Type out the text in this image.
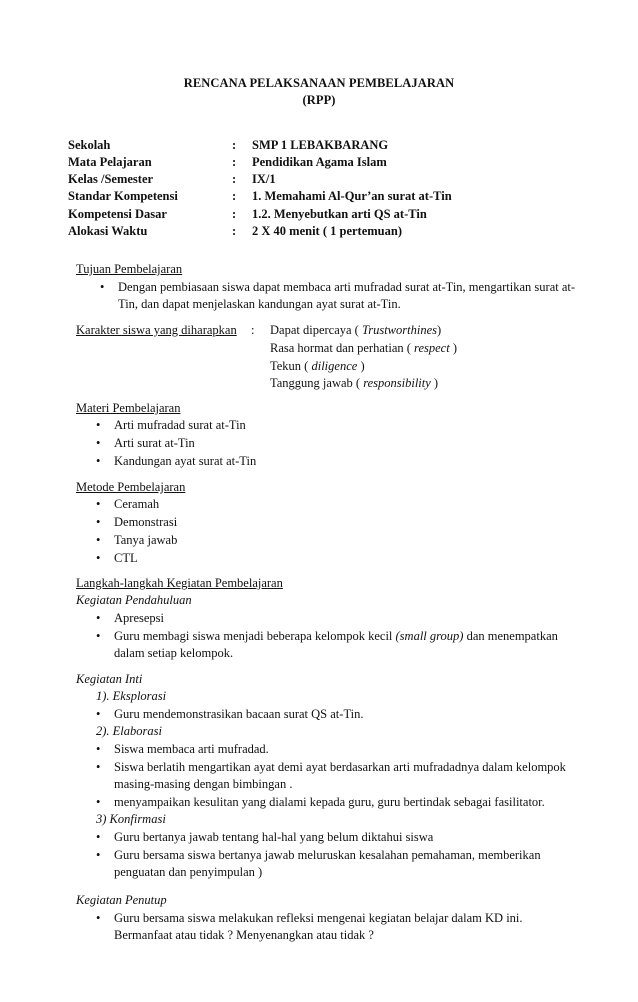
RENCANA PELAKSANAAN PEMBELAJARAN
(RPP)
Sekolah	: SMP 1 LEBAKBARANG
Mata Pelajaran	: Pendidikan Agama Islam
Kelas /Semester	: IX/1
Standar Kompetensi	: 1. Memahami Al-Qur’an surat at-Tin
Kompetensi Dasar	: 1.2. Menyebutkan arti QS at-Tin
Alokasi Waktu	: 2 X 40 menit ( 1 pertemuan)
Tujuan Pembelajaran
• Dengan pembiasaan siswa dapat membaca arti mufradad surat at-Tin, mengartikan surat at-
Tin, dan dapat menjelaskan kandungan ayat surat at-Tin.
Karakter siswa yang diharapkan : Dapat dipercaya ( Trustworthines)
Rasa hormat dan perhatian ( respect )
Tekun ( diligence )
Tanggung jawab ( responsibility )
Materi Pembelajaran
• Arti mufradad surat at-Tin
• Arti surat at-Tin
• Kandungan ayat surat at-Tin
Metode Pembelajaran
• Ceramah
• Demonstrasi
• Tanya jawab
• CTL
Langkah-langkah Kegiatan Pembelajaran
Kegiatan Pendahuluan
• Apresepsi
• Guru membagi siswa menjadi beberapa kelompok kecil (small group) dan menempatkan
dalam setiap kelompok.
Kegiatan Inti
1). Eksplorasi
• Guru mendemonstrasikan bacaan surat QS at-Tin.
2). Elaborasi
• Siswa membaca arti mufradad.
• Siswa berlatih mengartikan ayat demi ayat berdasarkan arti mufradadnya dalam kelompok
masing-masing dengan bimbingan .
• menyampaikan kesulitan yang dialami kepada guru, guru bertindak sebagai fasilitator.
3) Konfirmasi
• Guru bertanya jawab tentang hal-hal yang belum diktahui siswa
• Guru bersama siswa bertanya jawab meluruskan kesalahan pemahaman, memberikan
penguatan dan penyimpulan )
Kegiatan Penutup
• Guru bersama siswa melakukan refleksi mengenai kegiatan belajar dalam KD ini.
Bermanfaat atau tidak ? Menyenangkan atau tidak ?
